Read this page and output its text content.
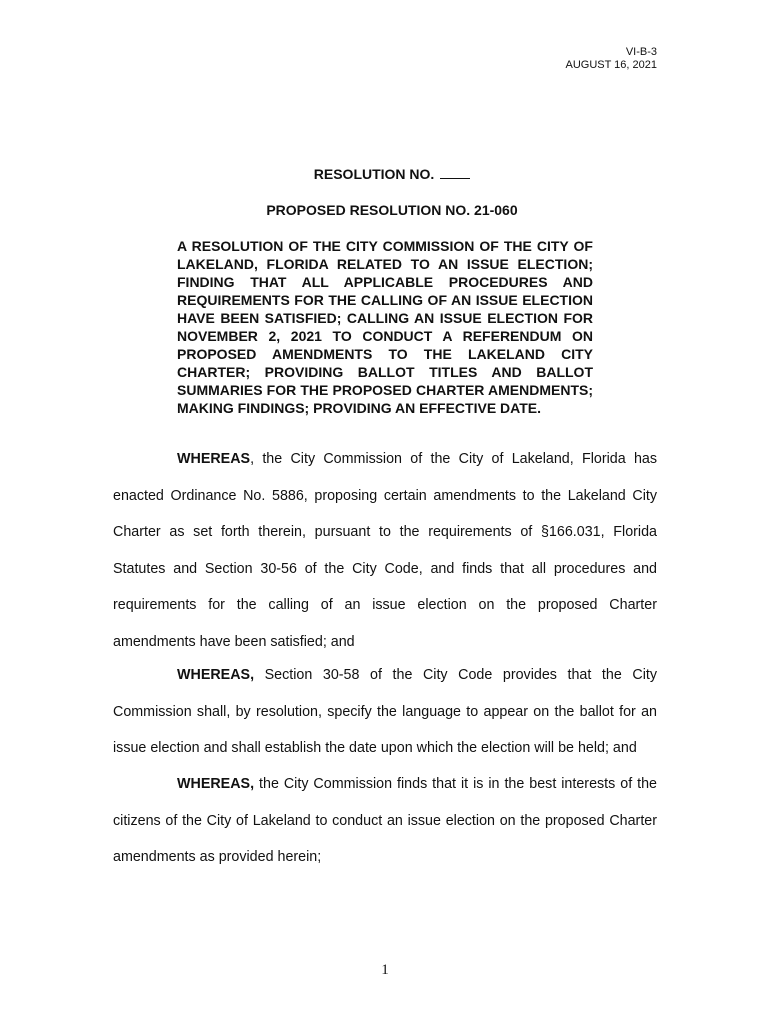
VI-B-3
AUGUST 16, 2021
RESOLUTION NO.
PROPOSED RESOLUTION NO. 21-060
A RESOLUTION OF THE CITY COMMISSION OF THE CITY OF LAKELAND, FLORIDA RELATED TO AN ISSUE ELECTION; FINDING THAT ALL APPLICABLE PROCEDURES AND REQUIREMENTS FOR THE CALLING OF AN ISSUE ELECTION HAVE BEEN SATISFIED; CALLING AN ISSUE ELECTION FOR NOVEMBER 2, 2021 TO CONDUCT A REFERENDUM ON PROPOSED AMENDMENTS TO THE LAKELAND CITY CHARTER; PROVIDING BALLOT TITLES AND BALLOT SUMMARIES FOR THE PROPOSED CHARTER AMENDMENTS; MAKING FINDINGS; PROVIDING AN EFFECTIVE DATE.
WHEREAS, the City Commission of the City of Lakeland, Florida has enacted Ordinance No. 5886, proposing certain amendments to the Lakeland City Charter as set forth therein, pursuant to the requirements of §166.031, Florida Statutes and Section 30-56 of the City Code, and finds that all procedures and requirements for the calling of an issue election on the proposed Charter amendments have been satisfied; and
WHEREAS, Section 30-58 of the City Code provides that the City Commission shall, by resolution, specify the language to appear on the ballot for an issue election and shall establish the date upon which the election will be held; and
WHEREAS, the City Commission finds that it is in the best interests of the citizens of the City of Lakeland to conduct an issue election on the proposed Charter amendments as provided herein;
1
